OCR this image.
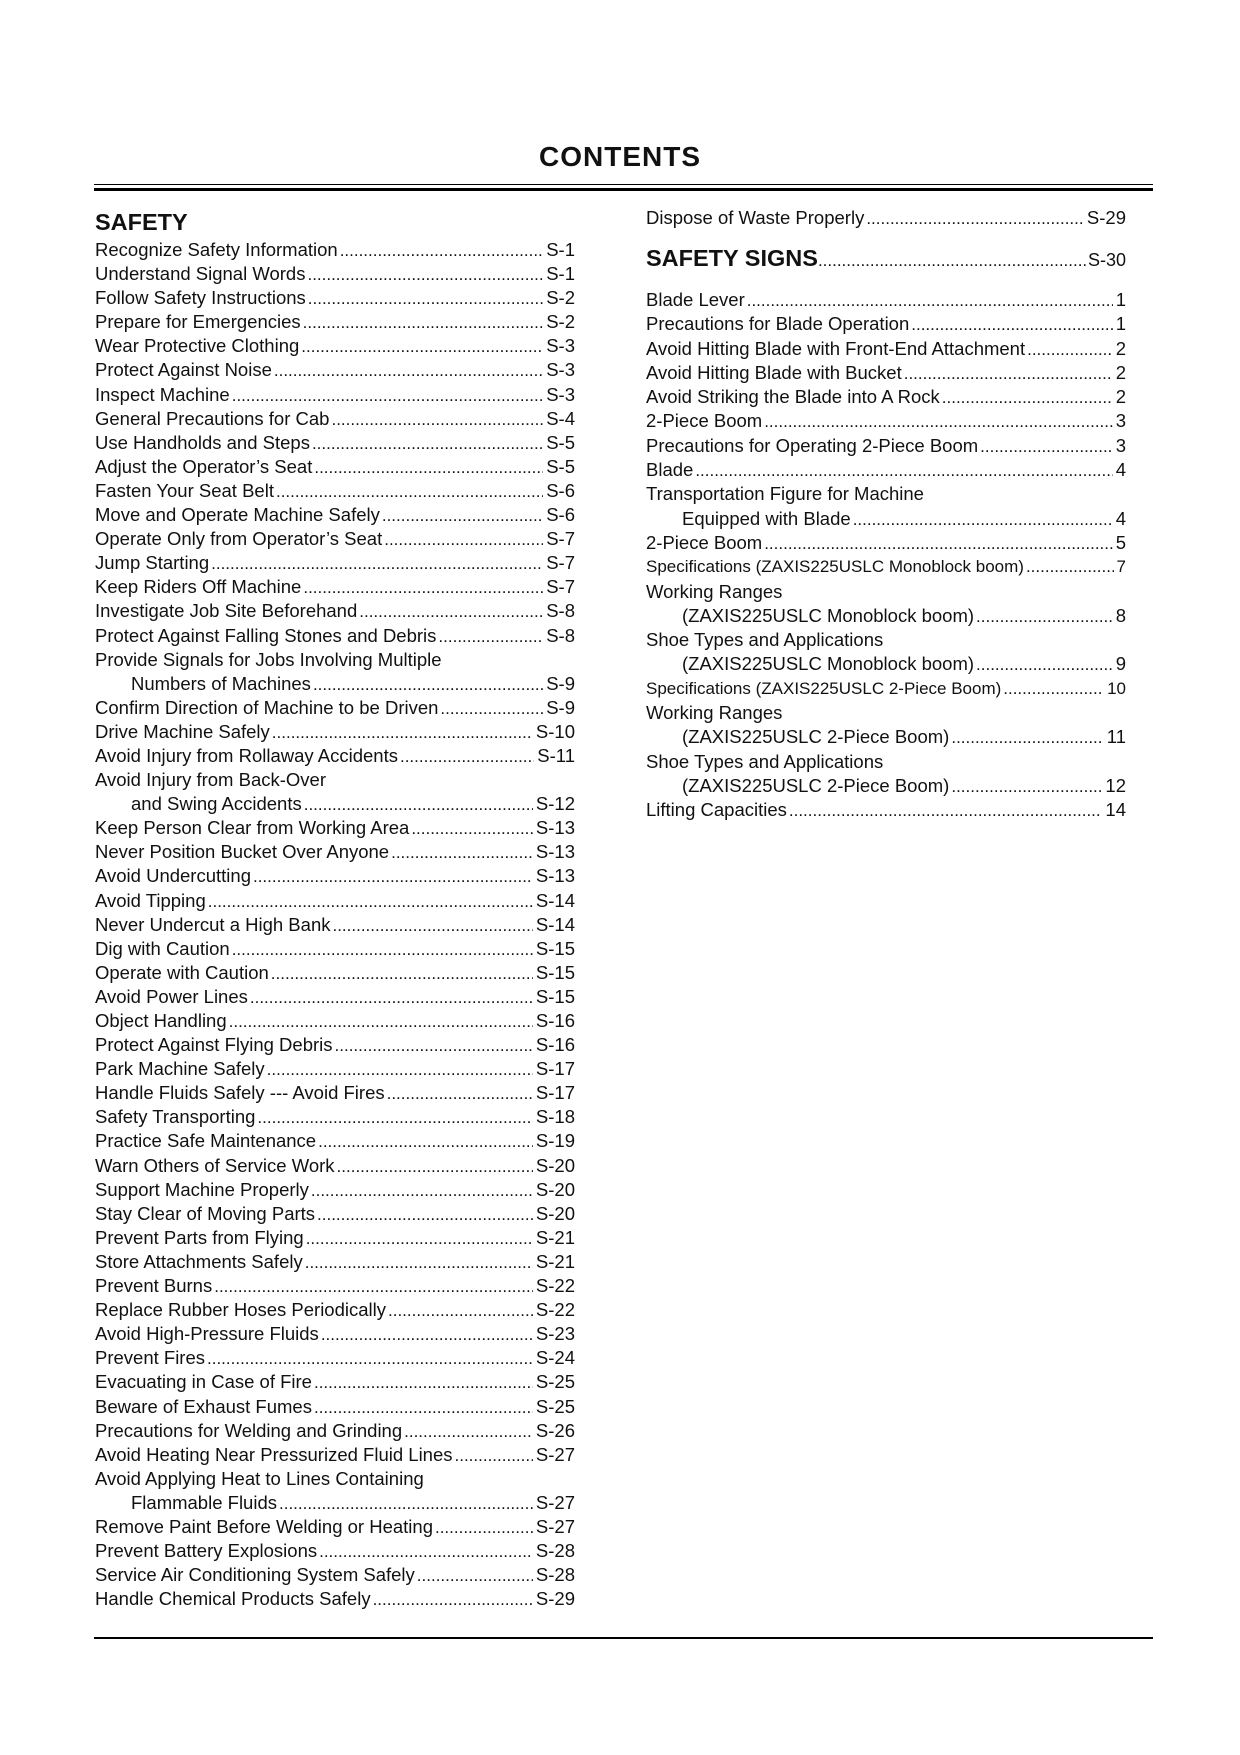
CONTENTS
SAFETY
Recognize Safety Information .....	S-1
Understand Signal Words .....	S-1
Follow Safety Instructions .....	S-2
Prepare for Emergencies .....	S-2
Wear Protective Clothing .....	S-3
Protect Against Noise .....	S-3
Inspect Machine .....	S-3
General Precautions for Cab .....	S-4
Use Handholds and Steps .....	S-5
Adjust the Operator’s Seat .....	S-5
Fasten Your Seat Belt .....	S-6
Move and Operate Machine Safely .....	S-6
Operate Only from Operator’s Seat .....	S-7
Jump Starting .....	S-7
Keep Riders Off Machine .....	S-7
Investigate Job Site Beforehand .....	S-8
Protect Against Falling Stones and Debris .....	S-8
Provide Signals for Jobs Involving Multiple
Numbers of Machines .....	S-9
Confirm Direction of Machine to be Driven .....	S-9
Drive Machine Safely .....	S-10
Avoid Injury from Rollaway Accidents .....	S-11
Avoid Injury from Back-Over
and Swing Accidents .....	S-12
Keep Person Clear from Working Area .....	S-13
Never Position Bucket Over Anyone .....	S-13
Avoid Undercutting .....	S-13
Avoid Tipping .....	S-14
Never Undercut a High Bank .....	S-14
Dig with Caution .....	S-15
Operate with Caution .....	S-15
Avoid Power Lines .....	S-15
Object Handling .....	S-16
Protect Against Flying Debris .....	S-16
Park Machine Safely .....	S-17
Handle Fluids Safely --- Avoid Fires .....	S-17
Safety Transporting .....	S-18
Practice Safe Maintenance .....	S-19
Warn Others of Service Work .....	S-20
Support Machine Properly .....	S-20
Stay Clear of Moving Parts .....	S-20
Prevent Parts from Flying .....	S-21
Store Attachments Safely .....	S-21
Prevent Burns .....	S-22
Replace Rubber Hoses Periodically .....	S-22
Avoid High-Pressure Fluids .....	S-23
Prevent Fires .....	S-24
Evacuating in Case of Fire .....	S-25
Beware of Exhaust Fumes .....	S-25
Precautions for Welding and Grinding .....	S-26
Avoid Heating Near Pressurized Fluid Lines .....	S-27
Avoid Applying Heat to Lines Containing
Flammable Fluids .....	S-27
Remove Paint Before Welding or Heating .....	S-27
Prevent Battery Explosions .....	S-28
Service Air Conditioning System Safely .....	S-28
Handle Chemical Products Safely .....	S-29
Dispose of Waste Properly .....	S-29
SAFETY SIGNS .....	S-30
Blade Lever .....	1
Precautions for Blade Operation .....	1
Avoid Hitting Blade with Front-End Attachment .....	2
Avoid Hitting Blade with Bucket .....	2
Avoid Striking the Blade into A Rock .....	2
2-Piece Boom .....	3
Precautions for Operating 2-Piece Boom .....	3
Blade .....	4
Transportation Figure for Machine
Equipped with Blade .....	4
2-Piece Boom .....	5
Specifications (ZAXIS225USLC Monoblock boom) .....	7
Working Ranges
(ZAXIS225USLC Monoblock boom) .....	8
Shoe Types and Applications
(ZAXIS225USLC Monoblock boom) .....	9
Specifications (ZAXIS225USLC 2-Piece Boom) .....	10
Working Ranges
(ZAXIS225USLC 2-Piece Boom) .....	11
Shoe Types and Applications
(ZAXIS225USLC 2-Piece Boom) .....	12
Lifting Capacities .....	14
